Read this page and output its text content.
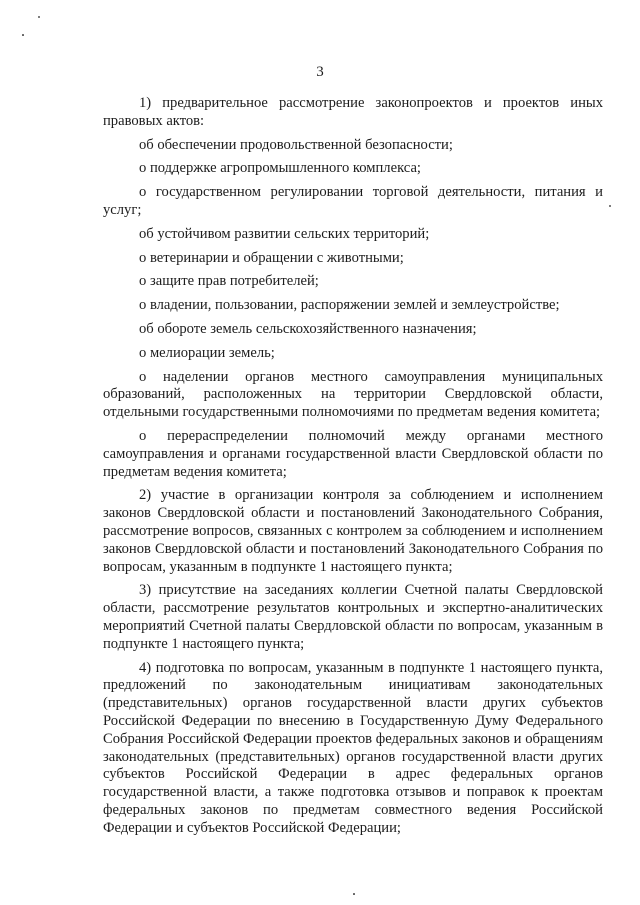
3

1) предварительное рассмотрение законопроектов и проектов иных правовых актов:

об обеспечении продовольственной безопасности;

о поддержке агропромышленного комплекса;

о государственном регулировании торговой деятельности, питания и услуг;

об устойчивом развитии сельских территорий;

о ветеринарии и обращении с животными;

о защите прав потребителей;

о владении, пользовании, распоряжении землей и землеустройстве;

об обороте земель сельскохозяйственного назначения;

о мелиорации земель;

о наделении органов местного самоуправления муниципальных образований, расположенных на территории Свердловской области, отдельными государственными полномочиями по предметам ведения комитета;

о перераспределении полномочий между органами местного самоуправления и органами государственной власти Свердловской области по предметам ведения комитета;

2) участие в организации контроля за соблюдением и исполнением законов Свердловской области и постановлений Законодательного Собрания, рассмотрение вопросов, связанных с контролем за соблюдением и исполнением законов Свердловской области и постановлений Законодательного Собрания по вопросам, указанным в подпункте 1 настоящего пункта;

3) присутствие на заседаниях коллегии Счетной палаты Свердловской области, рассмотрение результатов контрольных и экспертно-аналитических мероприятий Счетной палаты Свердловской области по вопросам, указанным в подпункте 1 настоящего пункта;

4) подготовка по вопросам, указанным в подпункте 1 настоящего пункта, предложений по законодательным инициативам законодательных (представительных) органов государственной власти других субъектов Российской Федерации по внесению в Государственную Думу Федерального Собрания Российской Федерации проектов федеральных законов и обращениям законодательных (представительных) органов государственной власти других субъектов Российской Федерации в адрес федеральных органов государственной власти, а также подготовка отзывов и поправок к проектам федеральных законов по предметам совместного ведения Российской Федерации и субъектов Российской Федерации;
